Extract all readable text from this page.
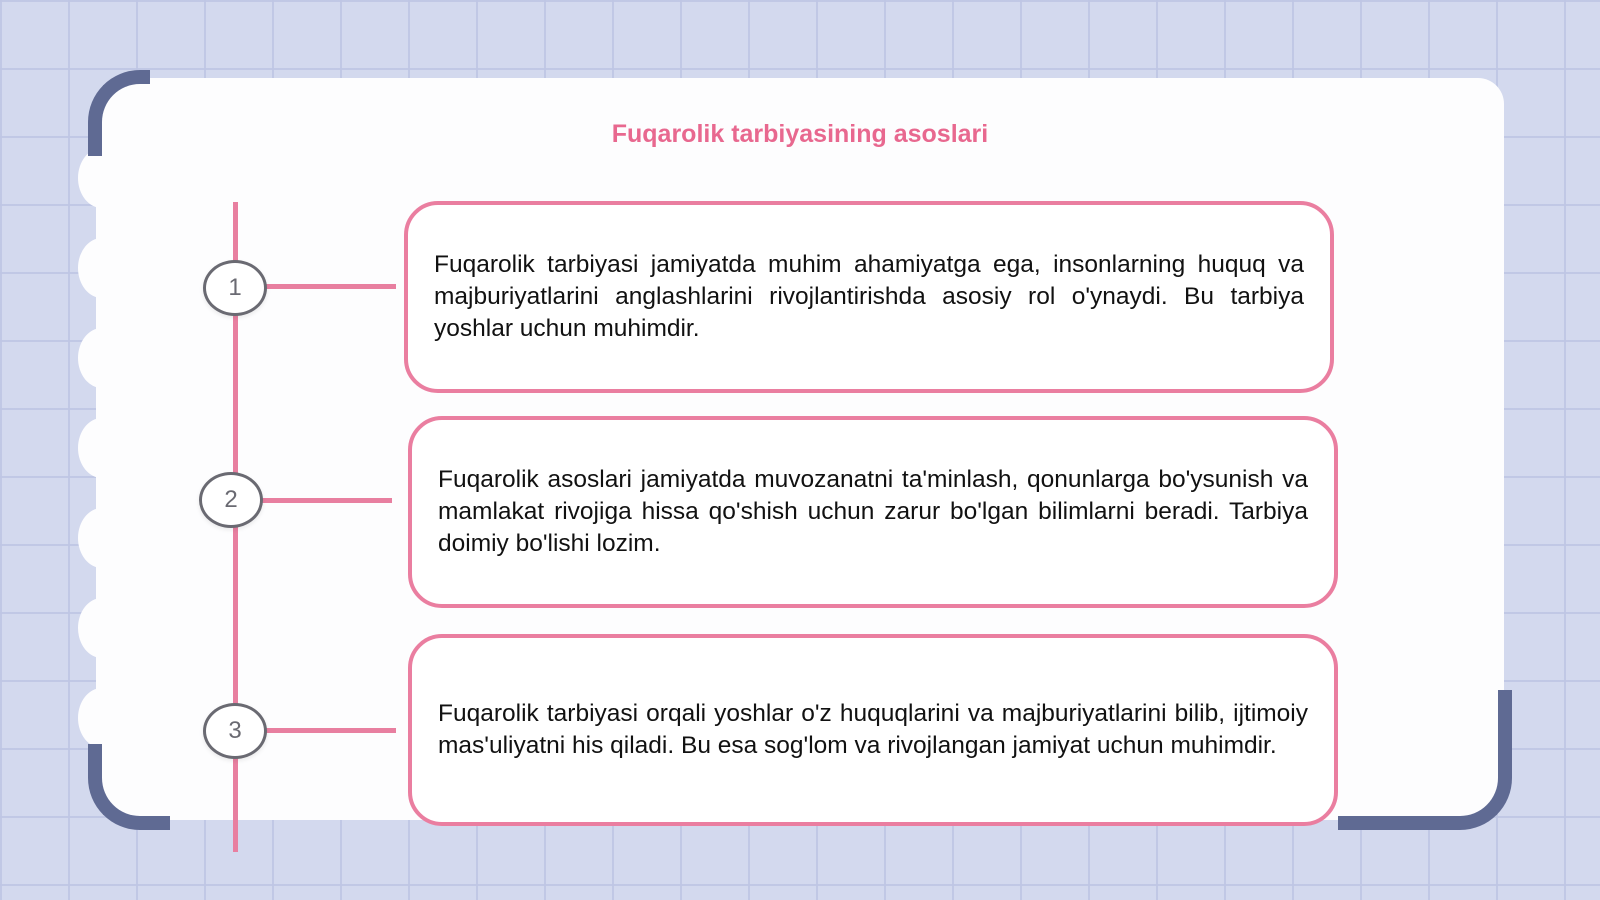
Fuqarolik tarbiyasining asoslari
1
2
3

Fuqarolik tarbiyasi jamiyatda muhim ahamiyatga ega, insonlarning huquq va majburiyatlarini anglashlarini rivojlantirishda asosiy rol o'ynaydi. Bu tarbiya yoshlar uchun muhimdir.

Fuqarolik asoslari jamiyatda muvozanatni ta'minlash, qonunlarga bo'ysunish va mamlakat rivojiga hissa qo'shish uchun zarur bo'lgan bilimlarni beradi. Tarbiya doimiy bo'lishi lozim.

Fuqarolik tarbiyasi orqali yoshlar o'z huquqlarini va majburiyatlarini bilib, ijtimoiy mas'uliyatni his qiladi. Bu esa sog'lom va rivojlangan jamiyat uchun muhimdir.
